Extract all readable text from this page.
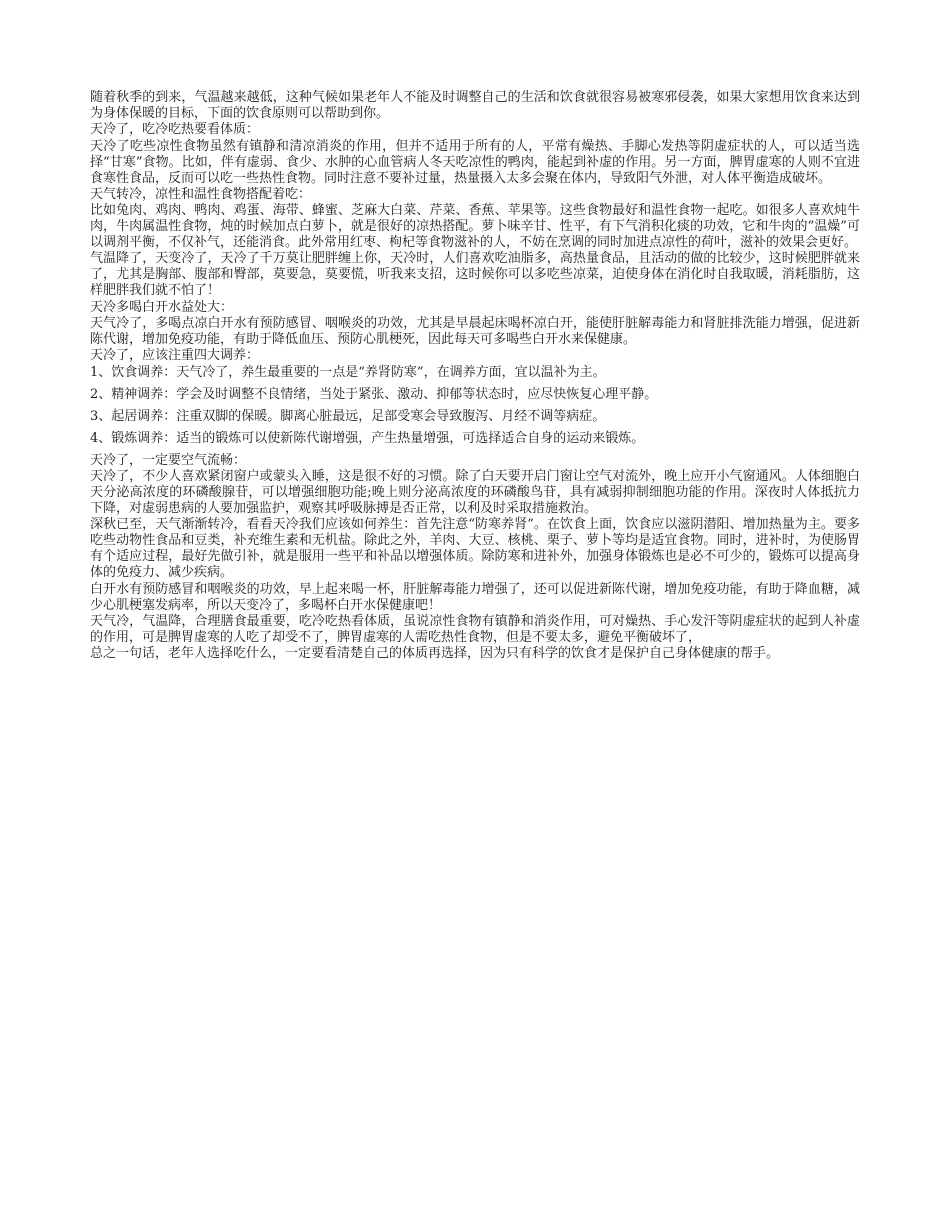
随着秋季的到来，气温越来越低，这种气候如果老年人不能及时调整自己的生活和饮食就很容易被寒邪侵袭，如果大家想用饮食来达到为身体保暖的目标，下面的饮食原则可以帮助到你。

天冷了，吃冷吃热要看体质：

天冷了吃些凉性食物虽然有镇静和清凉消炎的作用，但并不适用于所有的人，平常有燥热、手脚心发热等阴虚症状的人，可以适当选择“甘寒”食物。比如，伴有虚弱、食少、水肿的心血管病人冬天吃凉性的鸭肉，能起到补虚的作用。另一方面，脾胃虚寒的人则不宜进食寒性食品，反而可以吃一些热性食物。同时注意不要补过量，热量摄入太多会聚在体内，导致阳气外泄，对人体平衡造成破坏。

天气转冷，凉性和温性食物搭配着吃：

比如兔肉、鸡肉、鸭肉、鸡蛋、海带、蜂蜜、芝麻大白菜、芹菜、香蕉、苹果等。这些食物最好和温性食物一起吃。如很多人喜欢炖牛肉，牛肉属温性食物，炖的时候加点白萝卜，就是很好的凉热搭配。萝卜味辛甘、性平，有下气消积化痰的功效，它和牛肉的“温燥”可以调剂平衡，不仅补气，还能消食。此外常用红枣、枸杞等食物滋补的人，不妨在烹调的同时加进点凉性的荷叶，滋补的效果会更好。

气温降了，天变冷了，天冷了千万莫让肥胖缠上你，天冷时，人们喜欢吃油脂多，高热量食品，且活动的做的比较少，这时候肥胖就来了，尤其是胸部、腹部和臀部，莫要急，莫要慌，听我来支招，这时候你可以多吃些凉菜，迫使身体在消化时自我取暖，消耗脂肪，这样肥胖我们就不怕了！

天冷多喝白开水益处大：

天气冷了，多喝点凉白开水有预防感冒、咽喉炎的功效，尤其是早晨起床喝杯凉白开，能使肝脏解毒能力和肾脏排洗能力增强，促进新陈代谢，增加免疫功能，有助于降低血压、预防心肌梗死，因此每天可多喝些白开水来保健康。

天冷了，应该注重四大调养：

1、饮食调养：天气冷了，养生最重要的一点是“养肾防寒”，在调养方面，宜以温补为主。

2、精神调养：学会及时调整不良情绪，当处于紧张、激动、抑郁等状态时，应尽快恢复心理平静。

3、起居调养：注重双脚的保暖。脚离心脏最远，足部受寒会导致腹泻、月经不调等病症。

4、锻炼调养：适当的锻炼可以使新陈代谢增强，产生热量增强，可选择适合自身的运动来锻炼。

天冷了，一定要空气流畅：

天冷了，不少人喜欢紧闭窗户或蒙头入睡，这是很不好的习惯。除了白天要开启门窗让空气对流外，晚上应开小气窗通风。人体细胞白天分泌高浓度的环磷酸腺苷，可以增强细胞功能;晚上则分泌高浓度的环磷酸鸟苷，具有减弱抑制细胞功能的作用。深夜时人体抵抗力下降，对虚弱患病的人要加强监护，观察其呼吸脉搏是否正常，以利及时采取措施救治。

深秋已至，天气渐渐转冷，看看天冷我们应该如何养生：首先注意“防寒养肾”。在饮食上面，饮食应以滋阴潜阳、增加热量为主。要多吃些动物性食品和豆类，补充维生素和无机盐。除此之外，羊肉、大豆、核桃、栗子、萝卜等均是适宜食物。同时，进补时，为使肠胃有个适应过程，最好先做引补，就是服用一些平和补品以增强体质。除防寒和进补外，加强身体锻炼也是必不可少的，锻炼可以提高身体的免疫力、减少疾病。

白开水有预防感冒和咽喉炎的功效，早上起来喝一杯，肝脏解毒能力增强了，还可以促进新陈代谢，增加免疫功能，有助于降血糖，减少心肌梗塞发病率，所以天变冷了，多喝杯白开水保健康吧！

天气冷，气温降，合理膳食最重要，吃冷吃热看体质，虽说凉性食物有镇静和消炎作用，可对燥热、手心发汗等阴虚症状的起到人补虚的作用，可是脾胃虚寒的人吃了却受不了，脾胃虚寒的人需吃热性食物，但是不要太多，避免平衡破坏了，

总之一句话，老年人选择吃什么，一定要看清楚自己的体质再选择，因为只有科学的饮食才是保护自己身体健康的帮手。
